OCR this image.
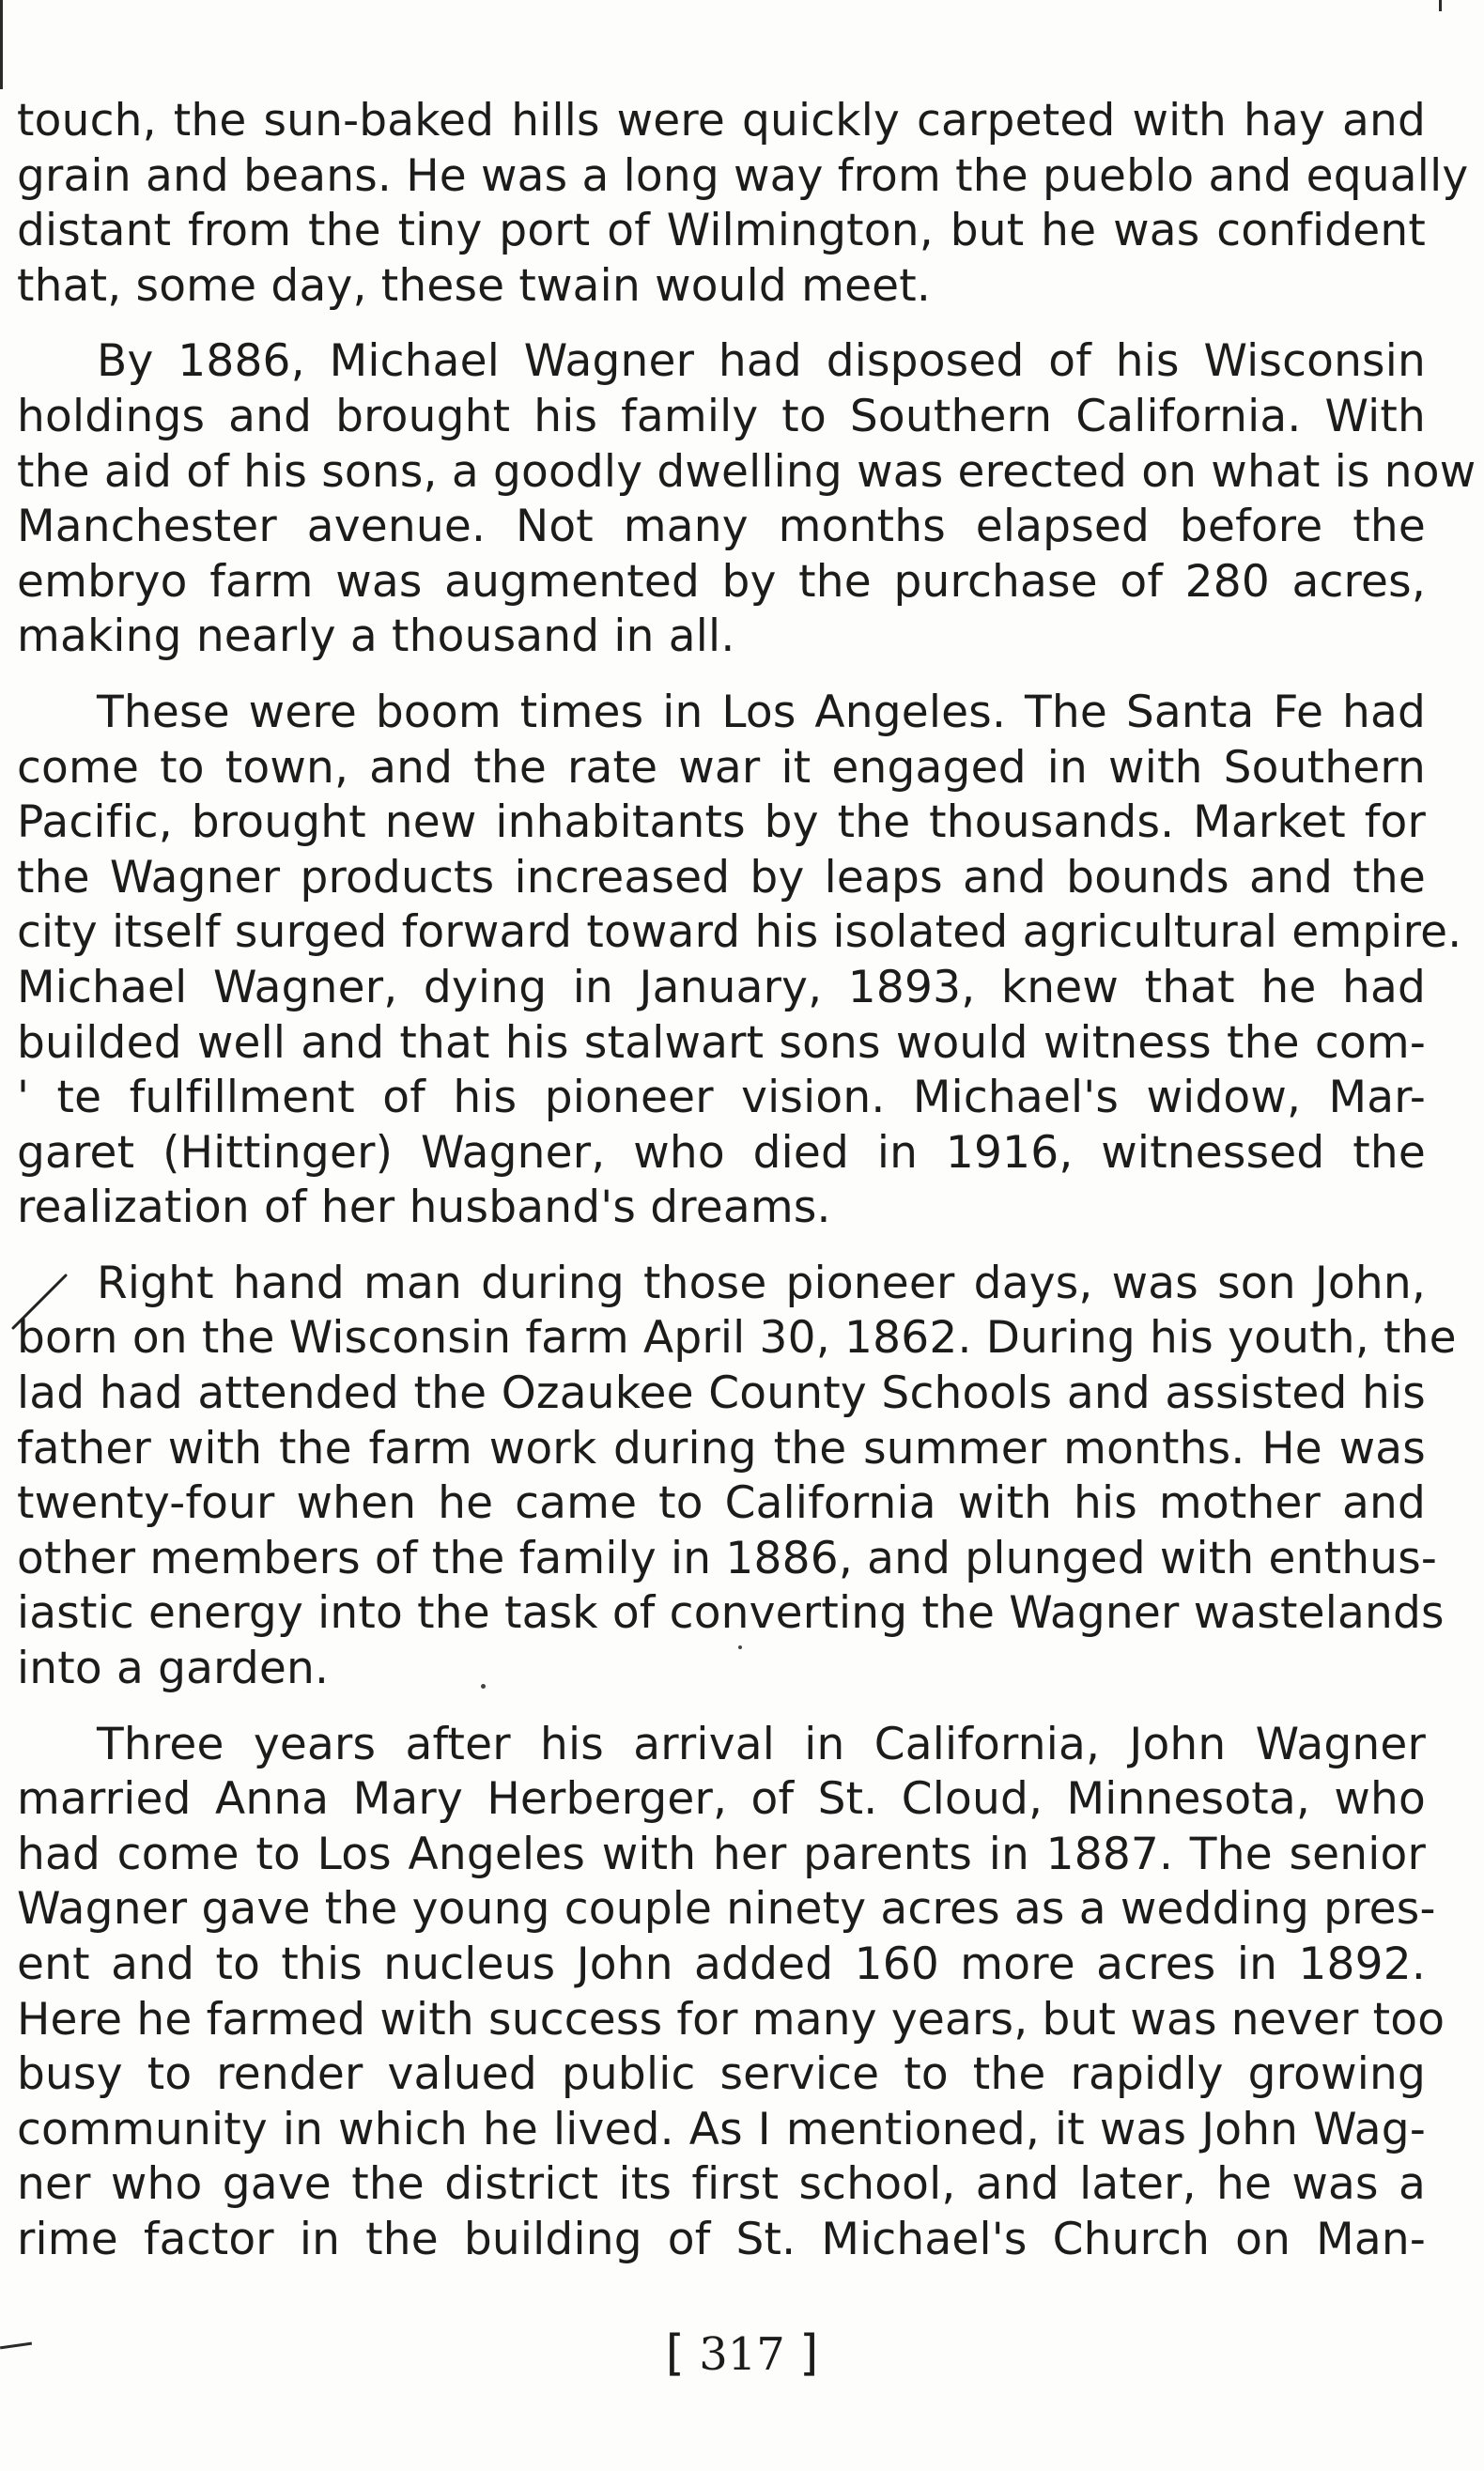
touch, the sun-baked hills were quickly carpeted with hay and
grain and beans. He was a long way from the pueblo and equally
distant from the tiny port of Wilmington, but he was confident
that, some day, these twain would meet.
By 1886, Michael Wagner had disposed of his Wisconsin
holdings and brought his family to Southern California. With
the aid of his sons, a goodly dwelling was erected on what is now
Manchester avenue. Not many months elapsed before the
embryo farm was augmented by the purchase of 280 acres,
making nearly a thousand in all.
These were boom times in Los Angeles. The Santa Fe had
come to town, and the rate war it engaged in with Southern
Pacific, brought new inhabitants by the thousands. Market for
the Wagner products increased by leaps and bounds and the
city itself surged forward toward his isolated agricultural empire.
Michael Wagner, dying in January, 1893, knew that he had
builded well and that his stalwart sons would witness the com-
' te fulfillment of his pioneer vision. Michael's widow, Mar-
garet (Hittinger) Wagner, who died in 1916, witnessed the
realization of her husband's dreams.
Right hand man during those pioneer days, was son John,
born on the Wisconsin farm April 30, 1862. During his youth, the
lad had attended the Ozaukee County Schools and assisted his
father with the farm work during the summer months. He was
twenty-four when he came to California with his mother and
other members of the family in 1886, and plunged with enthus-
iastic energy into the task of converting the Wagner wastelands
into a garden.
Three years after his arrival in California, John Wagner
married Anna Mary Herberger, of St. Cloud, Minnesota, who
had come to Los Angeles with her parents in 1887. The senior
Wagner gave the young couple ninety acres as a wedding pres-
ent and to this nucleus John added 160 more acres in 1892.
Here he farmed with success for many years, but was never too
busy to render valued public service to the rapidly growing
community in which he lived. As I mentioned, it was John Wag-
ner who gave the district its first school, and later, he was a
rime factor in the building of St. Michael's Church on Man-
[ 317 ]
